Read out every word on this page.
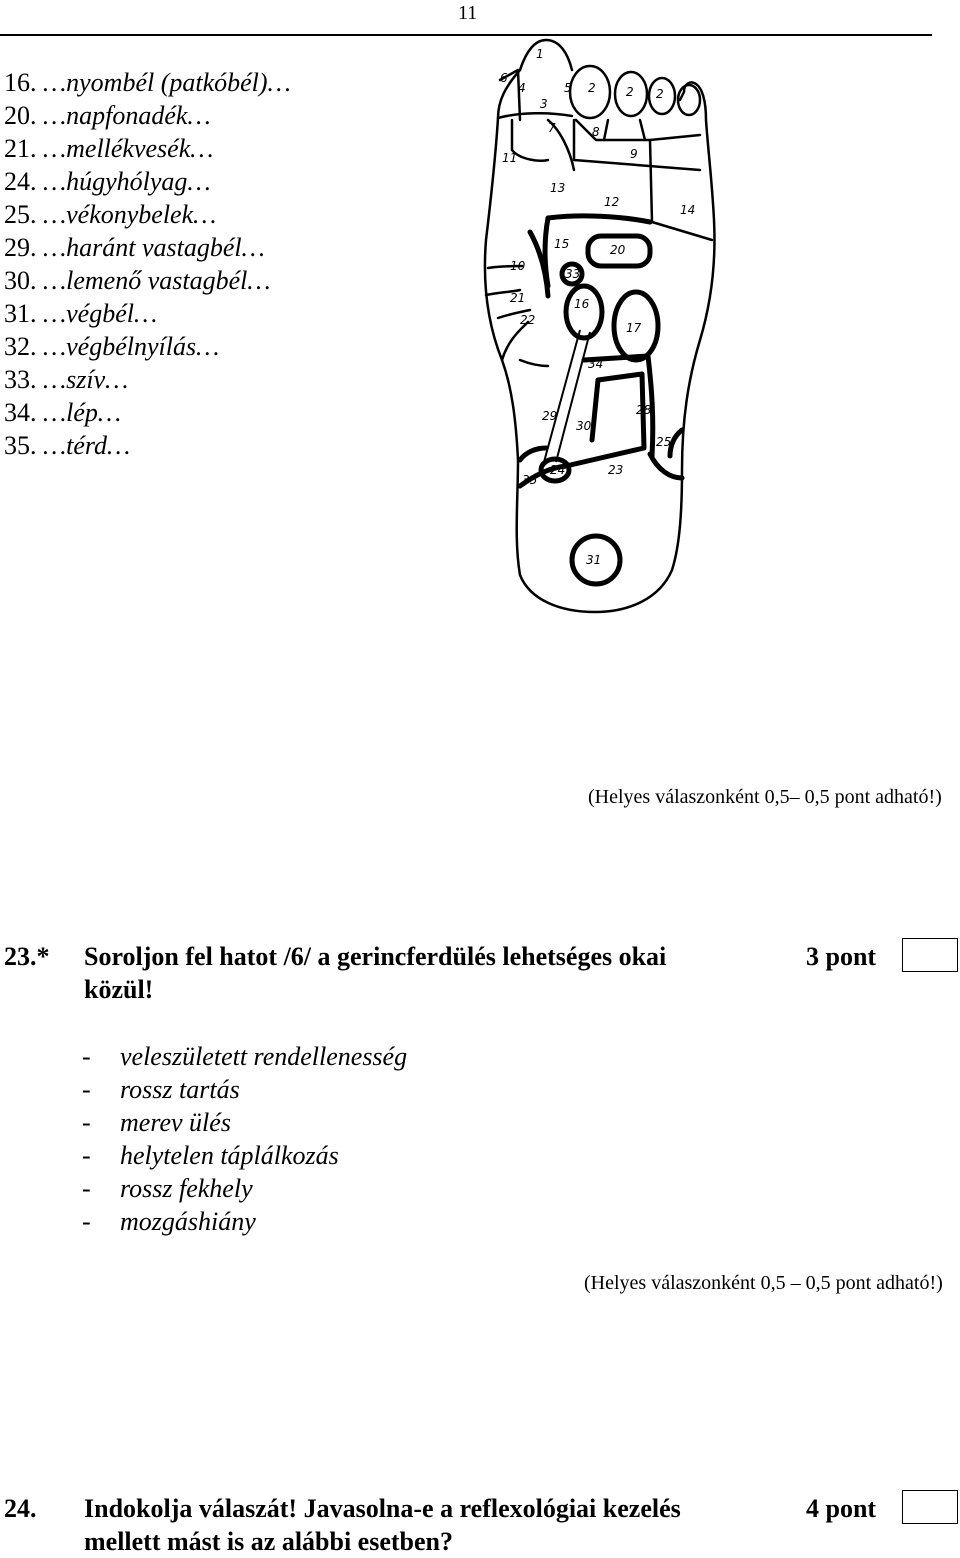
11
16. …nyombél (patkóbél)…
20. …napfonadék…
21. …mellékvesék…
24. …húgyhólyag…
25. …vékonybelek…
29. …haránt vastagbél…
30. …lemenő vastagbél…
31. …végbél…
32. …végbélnyílás…
33. …szív…
34. …lép…
35. …térd…
1
6
4
3
5 2	2 2
7	8
9
11
13
12
14
10
15	20
33
21	16
22
17
34
29	28
30
25
35
24	23
31
(Helyes válaszonként 0,5– 0,5 pont adható!)
23.* Soroljon fel hatot /6/ a gerincferdülés lehetséges okai
közül!
3 pont
- veleszületett rendellenesség
- rossz tartás
- merev ülés
- helytelen táplálkozás
- rossz fekhely
- mozgáshiány
(Helyes válaszonként 0,5 – 0,5 pont adható!)
24. Indokolja válaszát! Javasolna-e a reflexológiai kezelés
mellett mást is az alábbi esetben?
4 pont
